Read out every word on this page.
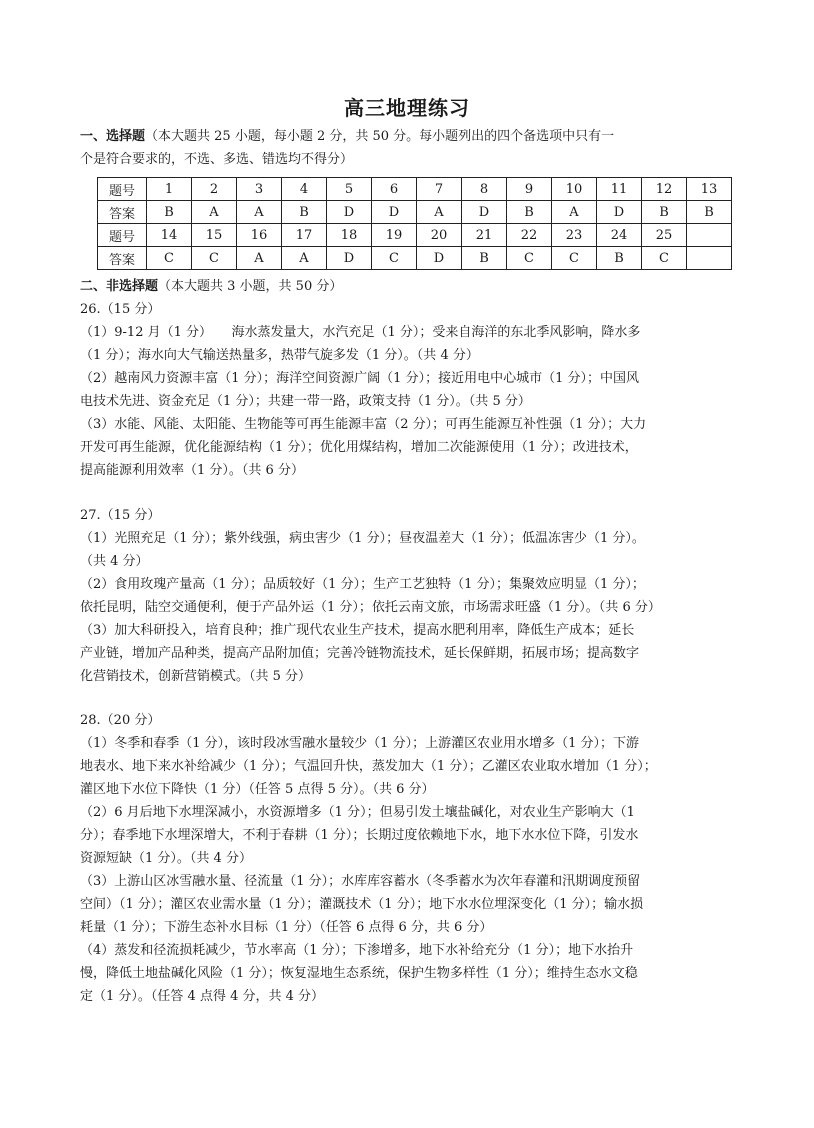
高三地理练习
一、选择题（本大题共 25 小题，每小题 2 分，共 50 分。每小题列出的四个备选项中只有一
个是符合要求的，不选、多选、错选均不得分）
题号	1	2	3	4	5	6	7	8	9	10	11	12	13
答案	B	A	A	B	D	D	A	D	B	A	D	B	B
题号	14	15	16	17	18	19	20	21	22	23	24	25	
答案	C	C	A	A	D	C	D	B	C	C	B	C	
二、非选择题（本大题共 3 小题，共 50 分）
26.（15 分）
（1）9-12 月（1 分）　　海水蒸发量大，水汽充足（1 分）；受来自海洋的东北季风影响，降水多
（1 分）；海水向大气输送热量多，热带气旋多发（1 分）。（共 4 分）
（2）越南风力资源丰富（1 分）；海洋空间资源广阔（1 分）；接近用电中心城市（1 分）；中国风
电技术先进、资金充足（1 分）；共建一带一路，政策支持（1 分）。（共 5 分）
（3）水能、风能、太阳能、生物能等可再生能源丰富（2 分）；可再生能源互补性强（1 分）；大力
开发可再生能源，优化能源结构（1 分）；优化用煤结构，增加二次能源使用（1 分）；改进技术，
提高能源利用效率（1 分）。（共 6 分）
27.（15 分）
（1）光照充足（1 分）；紫外线强，病虫害少（1 分）；昼夜温差大（1 分）；低温冻害少（1 分）。
（共 4 分）
（2）食用玫瑰产量高（1 分）；品质较好（1 分）；生产工艺独特（1 分）；集聚效应明显（1 分）；
依托昆明，陆空交通便利，便于产品外运（1 分）；依托云南文旅，市场需求旺盛（1 分）。（共 6 分）
（3）加大科研投入，培育良种；推广现代农业生产技术，提高水肥利用率，降低生产成本；延长
产业链，增加产品种类，提高产品附加值；完善冷链物流技术，延长保鲜期，拓展市场；提高数字
化营销技术，创新营销模式。（共 5 分）
28.（20 分）
（1）冬季和春季（1 分），该时段冰雪融水量较少（1 分）；上游灌区农业用水增多（1 分）；下游
地表水、地下来水补给减少（1 分）；气温回升快，蒸发加大（1 分）；乙灌区农业取水增加（1 分）；
灌区地下水位下降快（1 分）（任答 5 点得 5 分）。（共 6 分）
（2）6 月后地下水埋深减小，水资源增多（1 分）；但易引发土壤盐碱化，对农业生产影响大（1
分）；春季地下水埋深增大，不利于春耕（1 分）；长期过度依赖地下水，地下水水位下降，引发水
资源短缺（1 分）。（共 4 分）
（3）上游山区冰雪融水量、径流量（1 分）；水库库容蓄水（冬季蓄水为次年春灌和汛期调度预留
空间）（1 分）；灌区农业需水量（1 分）；灌溉技术（1 分）；地下水水位埋深变化（1 分）；输水损
耗量（1 分）；下游生态补水目标（1 分）（任答 6 点得 6 分，共 6 分）
（4）蒸发和径流损耗减少，节水率高（1 分）；下渗增多，地下水补给充分（1 分）；地下水抬升
慢，降低土地盐碱化风险（1 分）；恢复湿地生态系统，保护生物多样性（1 分）；维持生态水文稳
定（1 分）。（任答 4 点得 4 分，共 4 分）
